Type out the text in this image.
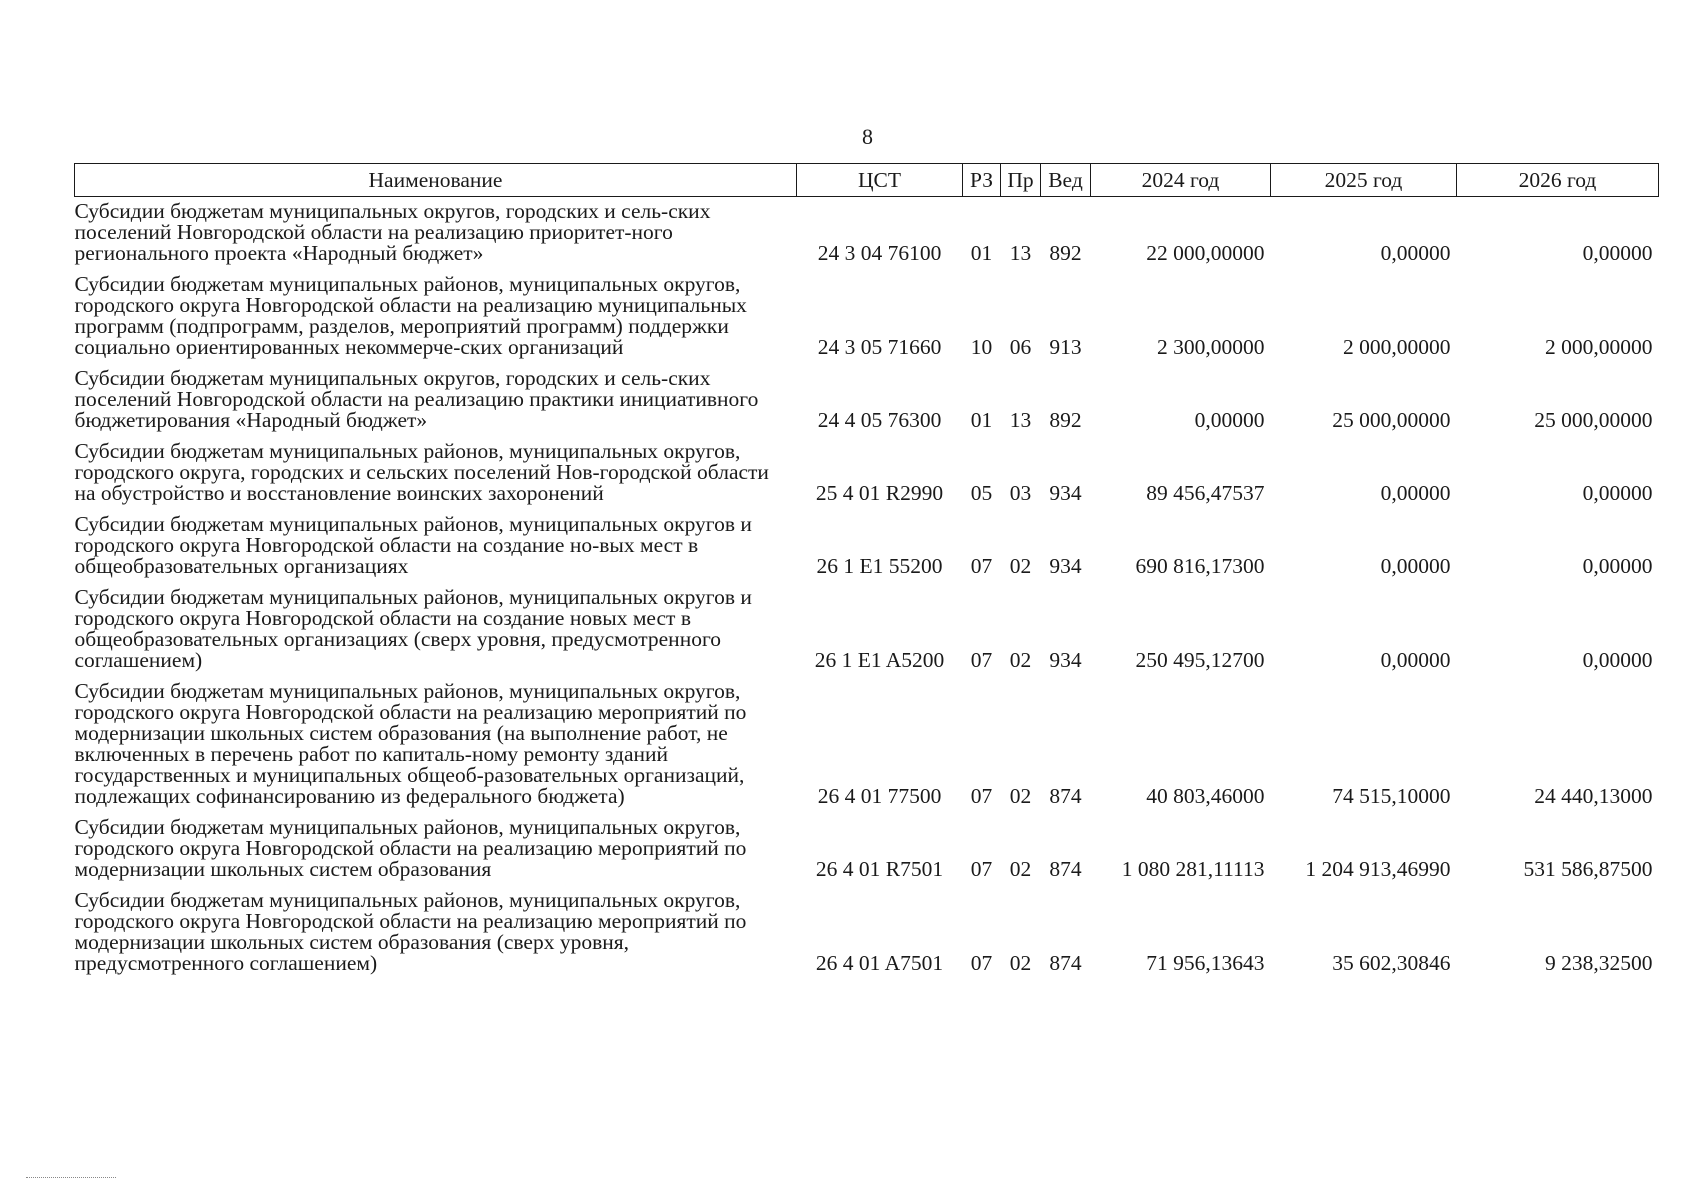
8
Наименование	ЦСТ	РЗ	Пр	Вед	2024 год	2025 год	2026 год
Субсидии бюджетам муниципальных округов, городских и сель-ских поселений Новгородской области на реализацию приоритет-ного регионального проекта «Народный бюджет»	24 3 04 76100	01	13	892	22 000,00000	0,00000	0,00000
Субсидии бюджетам муниципальных районов, муниципальных округов, городского округа Новгородской области на реализацию муниципальных программ (подпрограмм, разделов, мероприятий программ) поддержки социально ориентированных некоммерче-ских организаций	24 3 05 71660	10	06	913	2 300,00000	2 000,00000	2 000,00000
Субсидии бюджетам муниципальных округов, городских и сель-ских поселений Новгородской области на реализацию практики инициативного бюджетирования «Народный бюджет»	24 4 05 76300	01	13	892	0,00000	25 000,00000	25 000,00000
Субсидии бюджетам муниципальных районов, муниципальных округов, городского округа, городских и сельских поселений Нов-городской области на обустройство и восстановление воинских захоронений	25 4 01 R2990	05	03	934	89 456,47537	0,00000	0,00000
Субсидии бюджетам муниципальных районов, муниципальных округов и городского округа Новгородской области на создание но-вых мест в общеобразовательных организациях	26 1 E1 55200	07	02	934	690 816,17300	0,00000	0,00000
Субсидии бюджетам муниципальных районов, муниципальных округов и городского округа Новгородской области на создание новых мест в общеобразовательных организациях (сверх уровня, предусмотренного соглашением)	26 1 E1 A5200	07	02	934	250 495,12700	0,00000	0,00000
Субсидии бюджетам муниципальных районов, муниципальных округов, городского округа Новгородской области на реализацию мероприятий по модернизации школьных систем образования (на выполнение работ, не включенных в перечень работ по капиталь-ному ремонту зданий государственных и муниципальных общеоб-разовательных организаций, подлежащих софинансированию из федерального бюджета)	26 4 01 77500	07	02	874	40 803,46000	74 515,10000	24 440,13000
Субсидии бюджетам муниципальных районов, муниципальных округов, городского округа Новгородской области на реализацию мероприятий по модернизации школьных систем образования	26 4 01 R7501	07	02	874	1 080 281,11113	1 204 913,46990	531 586,87500
Субсидии бюджетам муниципальных районов, муниципальных округов, городского округа Новгородской области на реализацию мероприятий по модернизации школьных систем образования (сверх уровня, предусмотренного соглашением)	26 4 01 A7501	07	02	874	71 956,13643	35 602,30846	9 238,32500
